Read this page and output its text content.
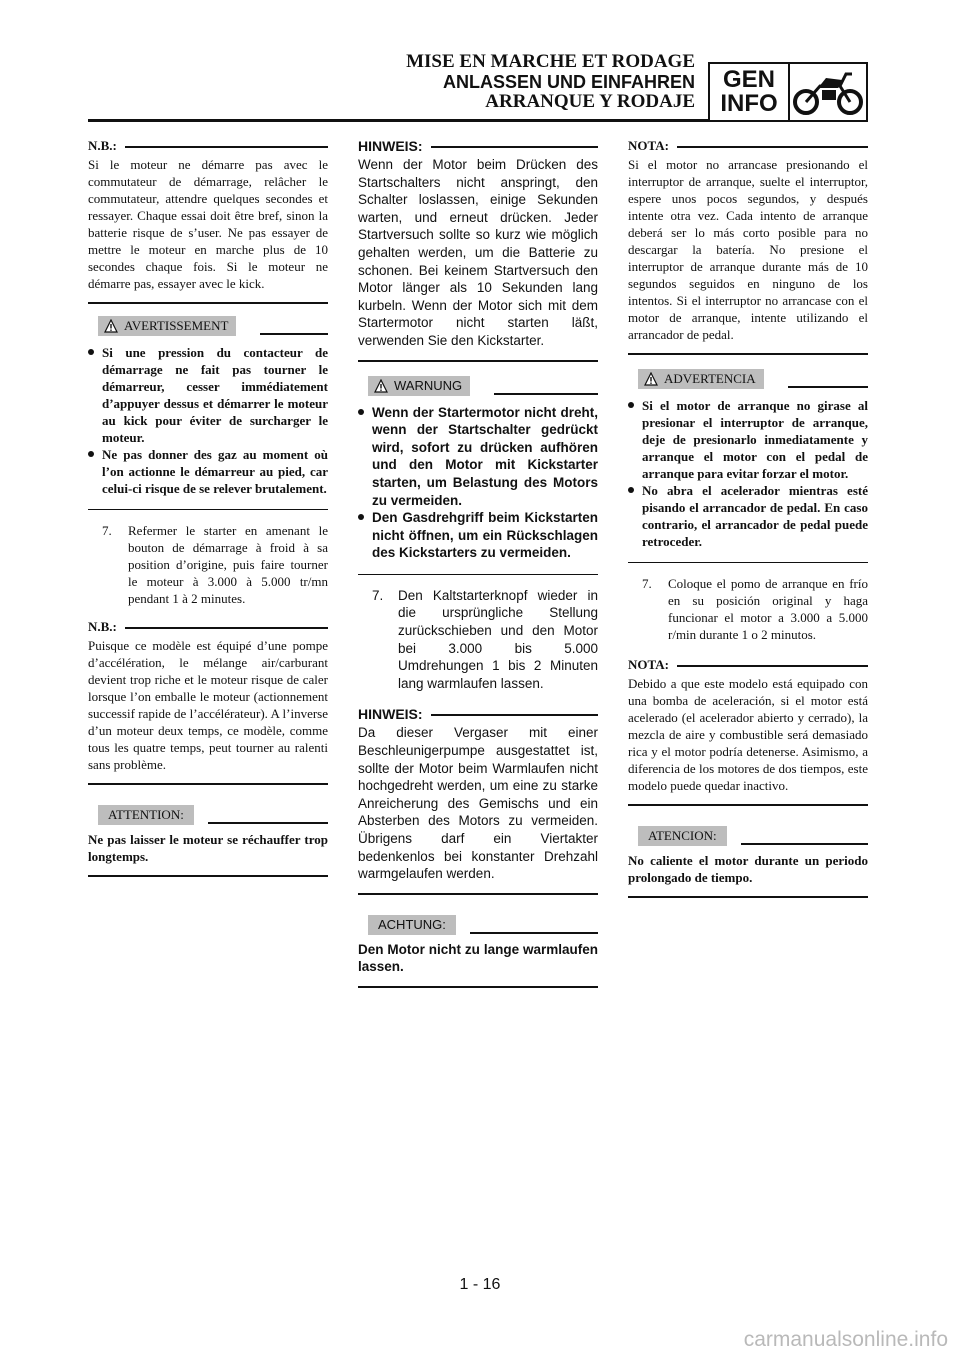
MISE EN MARCHE ET RODAGE
ANLASSEN UND EINFAHREN
ARRANQUE Y RODAJE
GEN
INFO
N.B.:
Si le moteur ne démarre pas avec le commutateur de démarrage, relâcher le commutateur, attendre quelques secondes et ressayer. Chaque essai doit être bref, sinon la batterie risque de s’user. Ne pas essayer de mettre le moteur en marche plus de 10 secondes chaque fois. Si le moteur ne démarre pas, essayer avec le kick.
AVERTISSEMENT
Si une pression du contacteur de démarrage ne fait pas tourner le démarreur, cesser immédiatement d’appuyer dessus et démarrer le moteur au kick pour éviter de surcharger le moteur.
Ne pas donner des gaz au moment où l’on actionne le démarreur au pied, car celui-ci risque de se relever brutalement.
7. Refermer le starter en amenant le bouton de démarrage à froid à sa position d’origine, puis faire tourner le moteur à 3.000 à 5.000 tr/mn pendant 1 à 2 minutes.
N.B.:
Puisque ce modèle est équipé d’une pompe d’accélération, le mélange air/carburant devient trop riche et le moteur risque de caler lorsque l’on emballe le moteur (actionnement successif rapide de l’accélérateur). A l’inverse d’un moteur deux temps, ce modèle, comme tous les quatre temps, peut tourner au ralenti sans problème.
ATTENTION:
Ne pas laisser le moteur se réchauffer trop longtemps.
HINWEIS:
Wenn der Motor beim Drücken des Startschalters nicht anspringt, den Schalter loslassen, einige Sekunden warten, und erneut drücken. Jeder Startversuch sollte so kurz wie möglich gehalten werden, um die Batterie zu schonen. Bei keinem Startversuch den Motor länger als 10 Sekunden lang kurbeln. Wenn der Motor sich mit dem Startermotor nicht starten läßt, verwenden Sie den Kickstarter.
WARNUNG
Wenn der Startermotor nicht dreht, wenn der Startschalter gedrückt wird, sofort zu drücken aufhören und den Motor mit Kickstarter starten, um Belastung des Motors zu vermeiden.
Den Gasdrehgriff beim Kickstarten nicht öffnen, um ein Rückschlagen des Kickstarters zu vermeiden.
7. Den Kaltstarterknopf wieder in die ursprüngliche Stellung zurückschieben und den Motor bei 3.000 bis 5.000 Umdrehungen 1 bis 2 Minuten lang warmlaufen lassen.
HINWEIS:
Da dieser Vergaser mit einer Beschleunigerpumpe ausgestattet ist, sollte der Motor beim Warmlaufen nicht hochgedreht werden, um eine zu starke Anreicherung des Gemischs und ein Absterben des Motors zu vermeiden. Übrigens darf ein Viertakter bedenkenlos bei konstanter Drehzahl warmgelaufen werden.
ACHTUNG:
Den Motor nicht zu lange warmlaufen lassen.
NOTA:
Si el motor no arrancase presionando el interruptor de arranque, suelte el interruptor, espere unos pocos segundos, y después intente otra vez. Cada intento de arranque deberá ser lo más corto posible para no descargar la batería. No presione el interruptor de arranque durante más de 10 segundos seguidos en ninguno de los intentos. Si el interruptor no arrancase con el motor de arranque, intente utilizando el arrancador de pedal.
ADVERTENCIA
Si el motor de arranque no girase al presionar el interruptor de arranque, deje de presionarlo inmediatamente y arranque el motor con el pedal de arranque para evitar forzar el motor.
No abra el acelerador mientras esté pisando el arrancador de pedal. En caso contrario, el arrancador de pedal puede retroceder.
7. Coloque el pomo de arranque en frío en su posición original y haga funcionar el motor a 3.000 a 5.000 r/min durante 1 o 2 minutos.
NOTA:
Debido a que este modelo está equipado con una bomba de aceleración, si el motor está acelerado (el acelerador abierto y cerrado), la mezcla de aire y combustible será demasiado rica y el motor podría detenerse. Asimismo, a diferencia de los motores de dos tiempos, este modelo puede quedar inactivo.
ATENCION:
No caliente el motor durante un periodo prolongado de tiempo.
1 - 16
carmanualsonline.info
